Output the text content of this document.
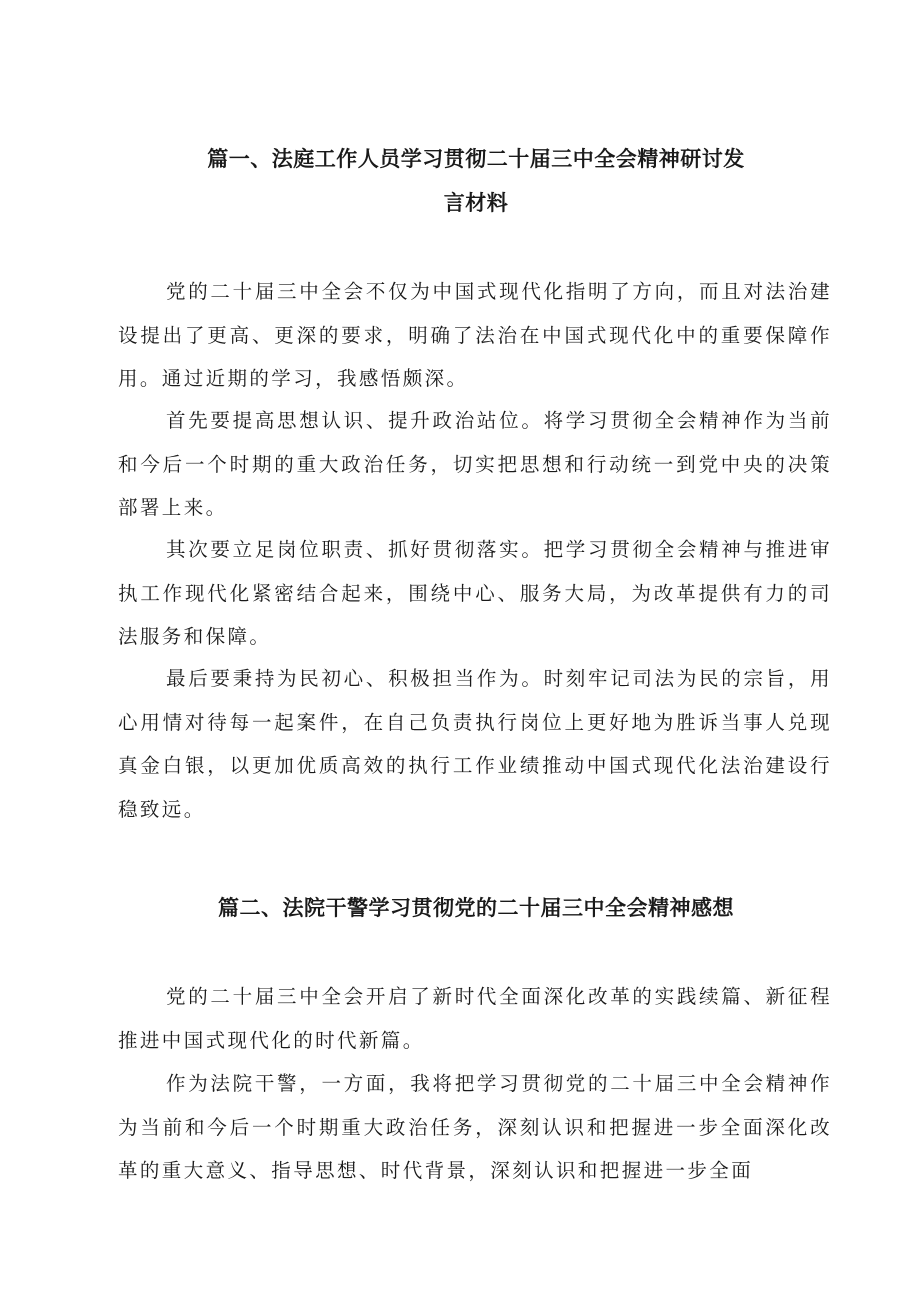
篇一、法庭工作人员学习贯彻二十届三中全会精神研讨发
言材料

党的二十届三中全会不仅为中国式现代化指明了方向，而且对法治建设提出了更高、更深的要求，明确了法治在中国式现代化中的重要保障作用。通过近期的学习，我感悟颇深。

首先要提高思想认识、提升政治站位。将学习贯彻全会精神作为当前和今后一个时期的重大政治任务，切实把思想和行动统一到党中央的决策部署上来。

其次要立足岗位职责、抓好贯彻落实。把学习贯彻全会精神与推进审执工作现代化紧密结合起来，围绕中心、服务大局，为改革提供有力的司法服务和保障。

最后要秉持为民初心、积极担当作为。时刻牢记司法为民的宗旨，用心用情对待每一起案件，在自己负责执行岗位上更好地为胜诉当事人兑现真金白银，以更加优质高效的执行工作业绩推动中国式现代化法治建设行稳致远。

篇二、法院干警学习贯彻党的二十届三中全会精神感想

党的二十届三中全会开启了新时代全面深化改革的实践续篇、新征程推进中国式现代化的时代新篇。

作为法院干警，一方面，我将把学习贯彻党的二十届三中全会精神作为当前和今后一个时期重大政治任务，深刻认识和把握进一步全面深化改革的重大意义、指导思想、时代背景，深刻认识和把握进一步全面
